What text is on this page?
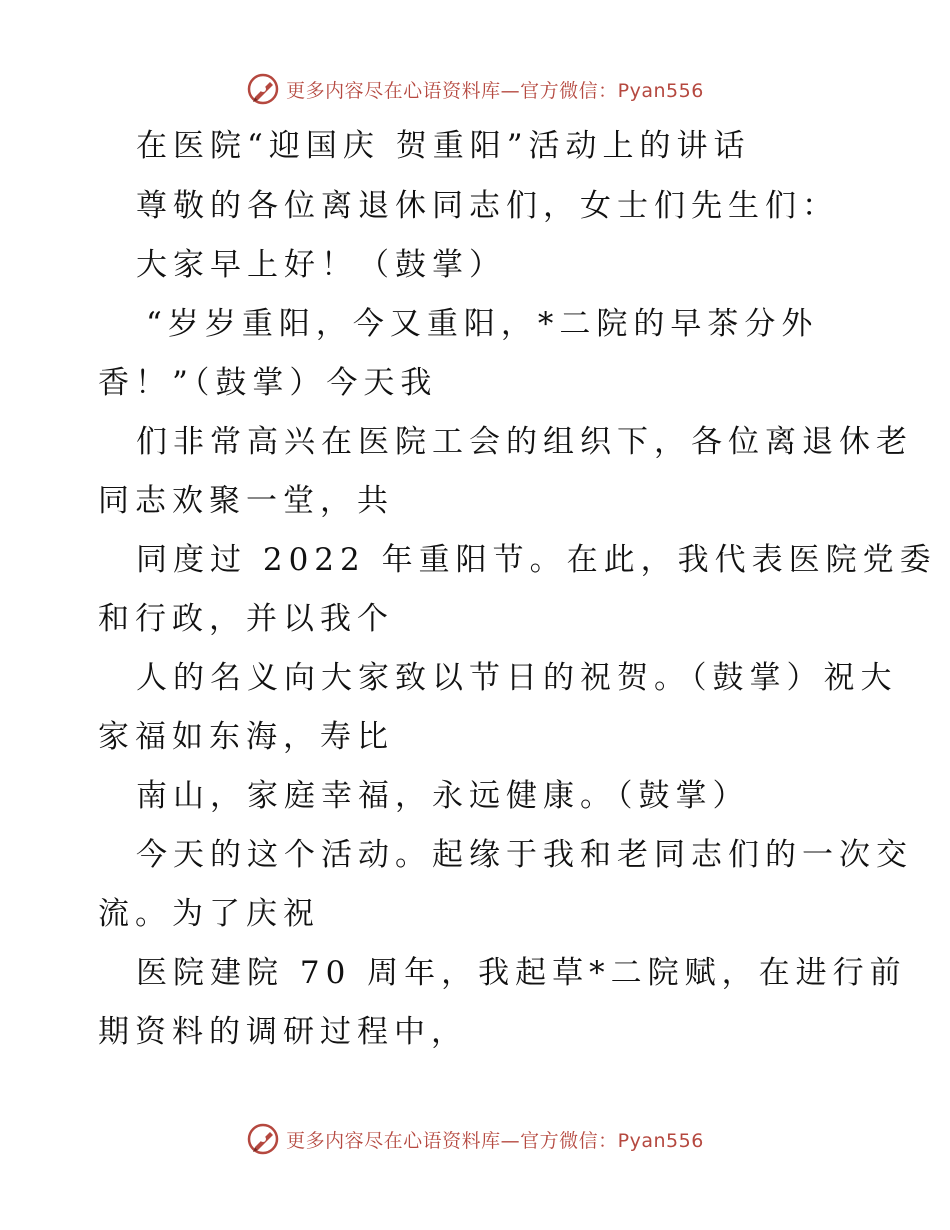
更多内容尽在心语资料库—官方微信：Pyan556
在医院“迎国庆 贺重阳”活动上的讲话
尊敬的各位离退休同志们，女士们先生们：
大家早上好！（鼓掌）
“岁岁重阳，今又重阳，*二院的早茶分外
香！”（鼓掌）今天我
们非常高兴在医院工会的组织下，各位离退休老
同志欢聚一堂，共
同度过 2022 年重阳节。在此，我代表医院党委
和行政，并以我个
人的名义向大家致以节日的祝贺。（鼓掌）祝大
家福如东海，寿比
南山，家庭幸福，永远健康。（鼓掌）
今天的这个活动。起缘于我和老同志们的一次交
流。为了庆祝
医院建院 70 周年，我起草*二院赋，在进行前
期资料的调研过程中，
更多内容尽在心语资料库—官方微信：Pyan556
